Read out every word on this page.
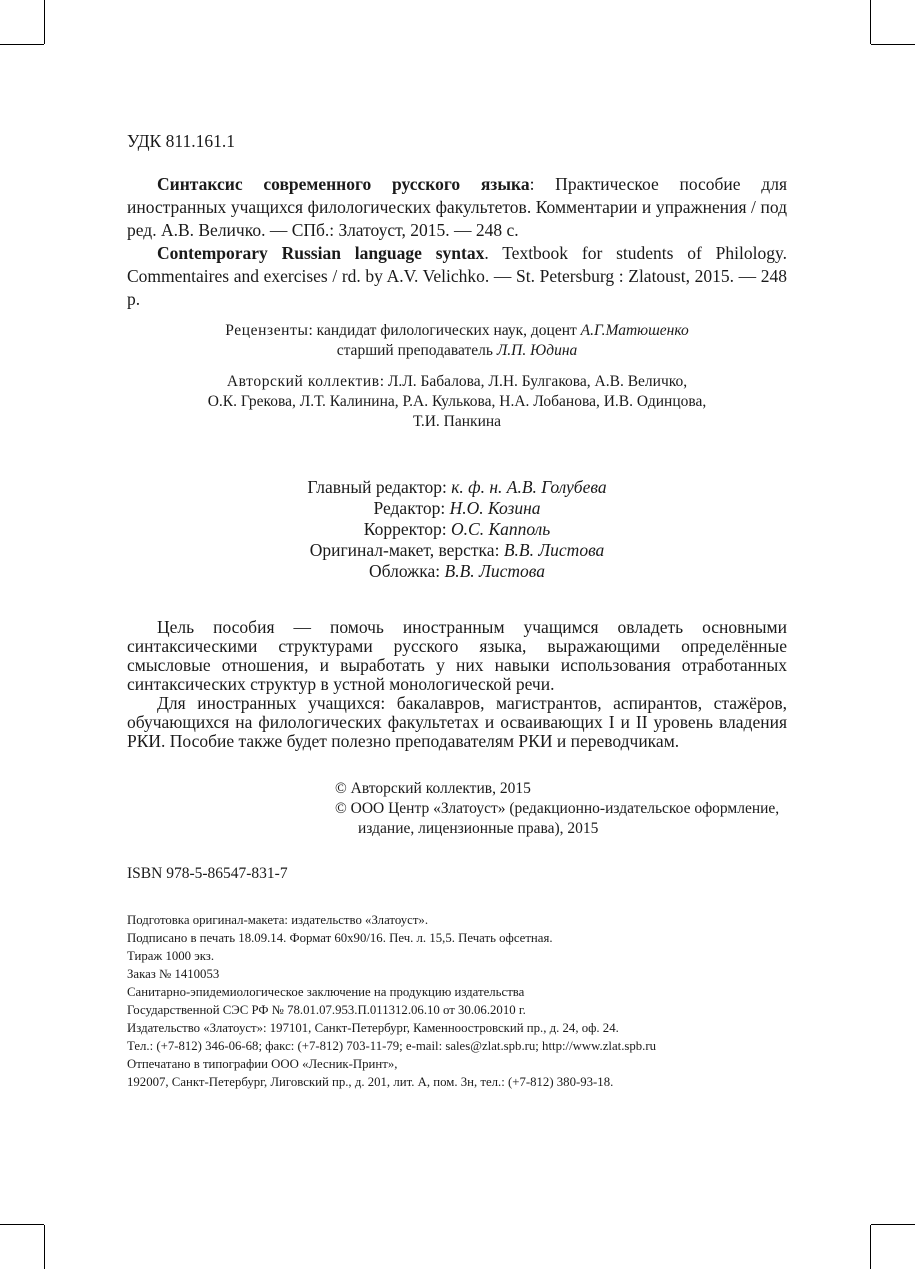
УДК 811.161.1

Синтаксис современного русского языка: Практическое пособие для иностранных учащихся филологических факультетов. Комментарии и упражнения / под ред. А.В. Величко. — СПб.: Златоуст, 2015. — 248 с.

Contemporary Russian language syntax. Textbook for students of Philology. Commentaires and exercises / rd. by A.V. Velichko. — St. Petersburg : Zlatoust, 2015. — 248 p.

Рецензенты: кандидат филологических наук, доцент А.Г.Матюшенко
старший преподаватель Л.П. Юдина
Авторский коллектив: Л.Л. Бабалова, Л.Н. Булгакова, А.В. Величко,
О.К. Грекова, Л.Т. Калинина, Р.А. Кулькова, Н.А. Лобанова, И.В. Одинцова,
Т.И. Панкина
Главный редактор: к. ф. н. А.В. Голубева
Редактор: Н.О. Козина
Корректор: О.С. Капполь
Оригинал-макет, верстка: В.В. Листова
Обложка: В.В. Листова

Цель пособия — помочь иностранным учащимся овладеть основными синтаксическими структурами русского языка, выражающими определённые смысловые отношения, и выработать у них навыки использования отработанных синтаксических структур в устной монологической речи.

Для иностранных учащихся: бакалавров, магистрантов, аспирантов, стажёров, обучающихся на филологических факультетах и осваивающих I и II уровень владения РКИ. Пособие также будет полезно преподавателям РКИ и переводчикам.

© Авторский коллектив, 2015
© ООО Центр «Златоуст» (редакционно-издательское оформление, издание, лицензионные права), 2015
ISBN 978-5-86547-831-7
Подготовка оригинал-макета: издательство «Златоуст».
Подписано в печать 18.09.14. Формат 60х90/16. Печ. л. 15,5. Печать офсетная.
Тираж 1000 экз.
Заказ № 1410053
Санитарно-эпидемиологическое заключение на продукцию издательства
Государственной СЭС РФ № 78.01.07.953.П.011312.06.10 от 30.06.2010 г.
Издательство «Златоуст»: 197101, Санкт-Петербург, Каменноостровский пр., д. 24, оф. 24.
Тел.: (+7-812) 346-06-68; факс: (+7-812) 703-11-79; e-mail: sales@zlat.spb.ru; http://www.zlat.spb.ru
Отпечатано в типографии ООО «Лесник-Принт»,
192007, Санкт-Петербург, Лиговский пр., д. 201, лит. А, пом. 3н, тел.: (+7-812) 380-93-18.
